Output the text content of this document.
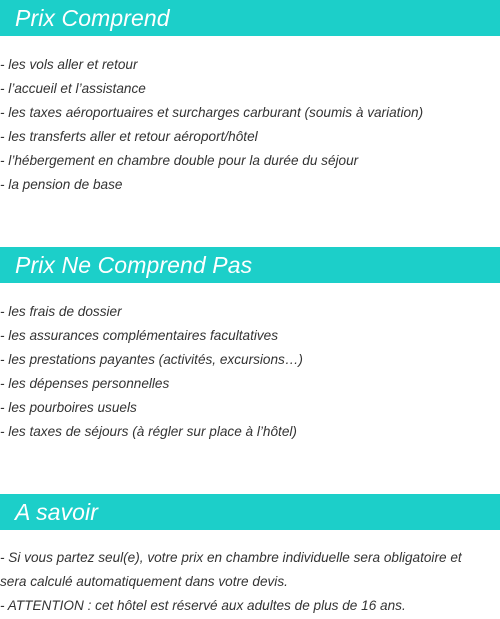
Prix Comprend
- les vols aller et retour
- l’accueil et l’assistance
- les taxes aéroportuaires et surcharges carburant (soumis à variation)
- les transferts aller et retour aéroport/hôtel
- l’hébergement en chambre double pour la durée du séjour
- la pension de base
Prix Ne Comprend Pas
- les frais de dossier
- les assurances complémentaires facultatives
- les prestations payantes (activités, excursions…)
- les dépenses personnelles
- les pourboires usuels
- les taxes de séjours (à régler sur place à l’hôtel)
A savoir

- Si vous partez seul(e), votre prix en chambre individuelle sera obligatoire et sera calculé automatiquement dans votre devis.
- ATTENTION : cet hôtel est réservé aux adultes de plus de 16 ans.
